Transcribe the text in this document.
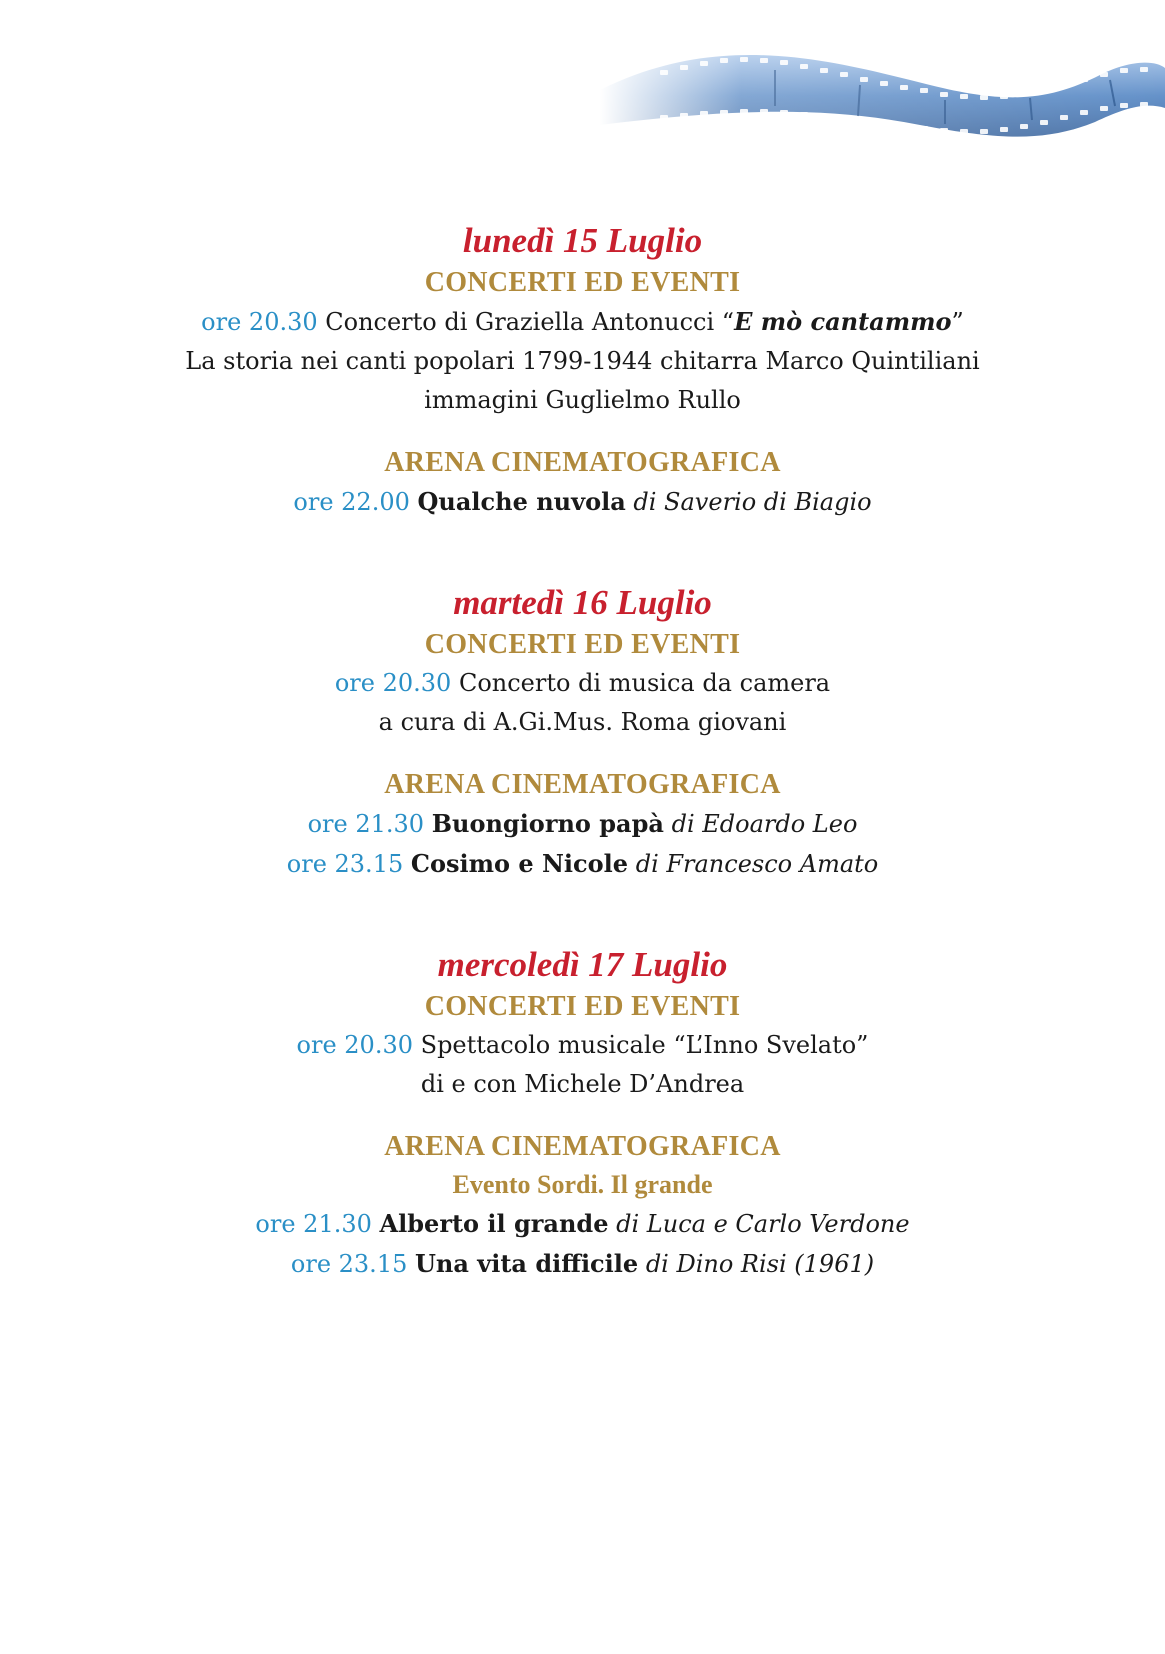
lunedì 15 Luglio
CONCERTI ED EVENTI

ore 20.30 Concerto di Graziella Antonucci “E mò cantammo”

La storia nei canti popolari 1799-1944 chitarra Marco Quintiliani

immagini Guglielmo Rullo

ARENA CINEMATOGRAFICA

ore 22.00 Qualche nuvola di Saverio di Biagio

martedì 16 Luglio
CONCERTI ED EVENTI

ore 20.30 Concerto di musica da camera

a cura di A.Gi.Mus. Roma giovani

ARENA CINEMATOGRAFICA

ore 21.30 Buongiorno papà di Edoardo Leo

ore 23.15 Cosimo e Nicole di Francesco Amato

mercoledì 17 Luglio
CONCERTI ED EVENTI

ore 20.30 Spettacolo musicale “L’Inno Svelato”

di e con Michele D’Andrea

ARENA CINEMATOGRAFICA
Evento Sordi. Il grande

ore 21.30 Alberto il grande di Luca e Carlo Verdone

ore 23.15 Una vita difficile di Dino Risi (1961)
